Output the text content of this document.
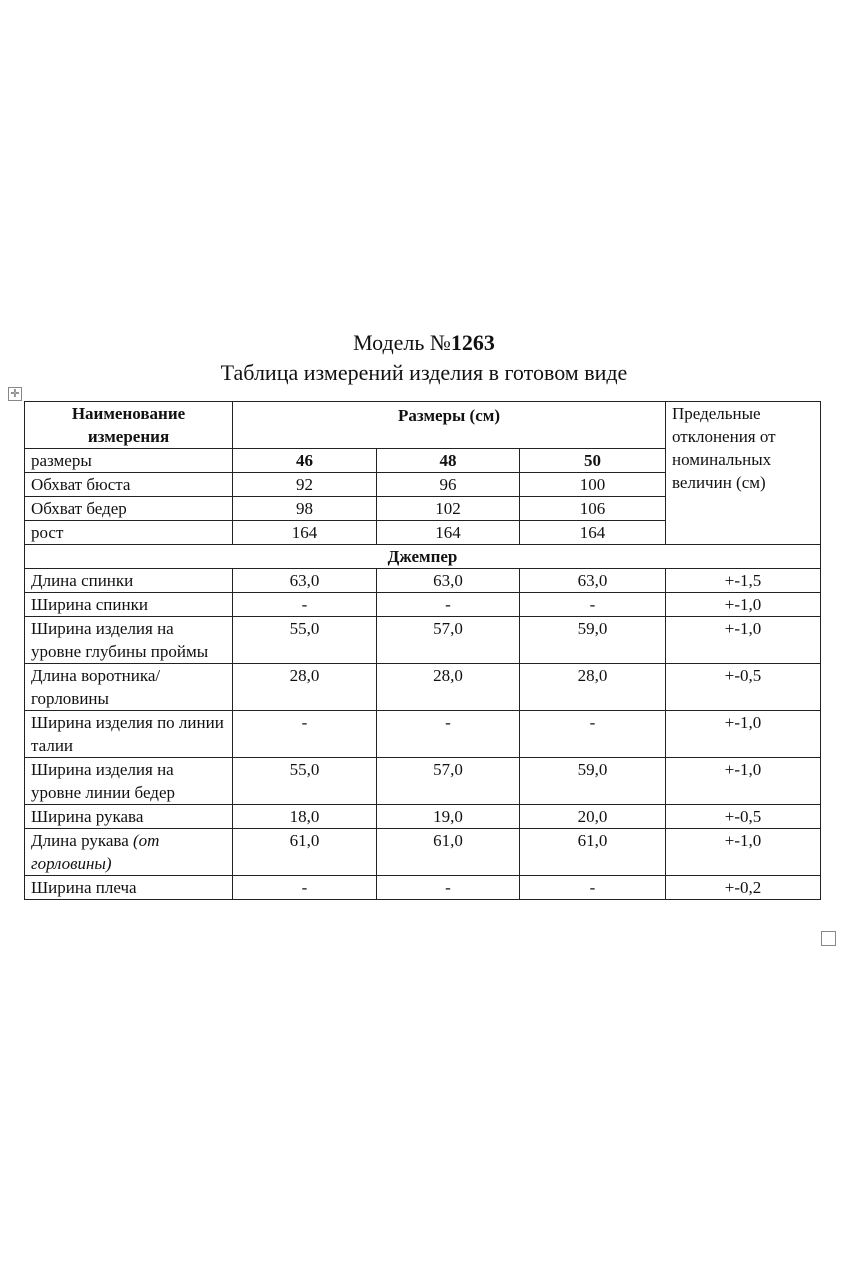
Модель №1263
Таблица измерений изделия в готовом виде
✛
Наименование
измерения	Размеры (см)			Предельные отклонения от номинальных величин (см)
размеры	46	48	50	
Обхват бюста	92	96	100	
Обхват бедер	98	102	106	
рост	164	164	164	
Джемпер				
Длина спинки	63,0	63,0	63,0	+-1,5
Ширина спинки	-	-	-	+-1,0
Ширина изделия на уровне глубины проймы	55,0	57,0	59,0	+-1,0
Длина воротника/горловины	28,0	28,0	28,0	+-0,5
Ширина изделия по линии талии	-	-	-	+-1,0
Ширина изделия на уровне линии бедер	55,0	57,0	59,0	+-1,0
Ширина рукава	18,0	19,0	20,0	+-0,5
Длина рукава (от горловины)	61,0	61,0	61,0	+-1,0
Ширина плеча	-	-	-	+-0,2
